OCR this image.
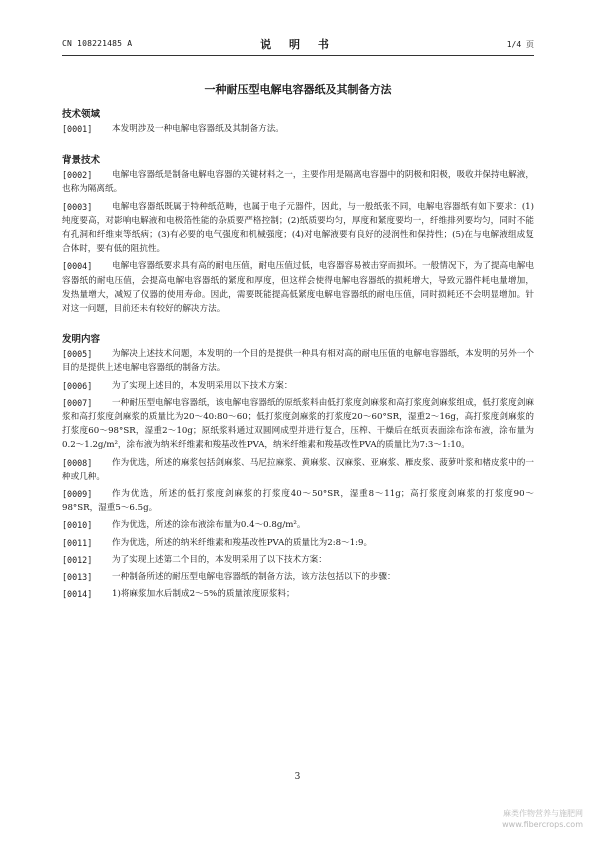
CN 108221485 A	说 明 书	1/4 页
一种耐压型电解电容器纸及其制备方法
技术领域
[0001]	本发明涉及一种电解电容器纸及其制备方法。
背景技术
[0002]	电解电容器纸是制备电解电容器的关键材料之一，主要作用是隔离电容器中的阴极和阳极，吸收并保持电解液，也称为隔离纸。
[0003]	电解电容器纸既属于特种纸范畴，也属于电子元器件，因此，与一般纸张不同，电解电容器纸有如下要求：(1)纯度要高，对影响电解液和电极箔性能的杂质要严格控制；(2)纸质要均匀，厚度和紧度要均一，纤维排列要均匀，同时不能有孔洞和纤维束等纸病；(3)有必要的电气强度和机械强度；(4)对电解液要有良好的浸润性和保持性；(5)在与电解液组成复合体时，要有低的阻抗性。
[0004]	电解电容器纸要求具有高的耐电压值，耐电压值过低，电容器容易被击穿而损坏。一般情况下，为了提高电解电容器纸的耐电压值，会提高电解电容器纸的紧度和厚度，但这样会使得电解电容器纸的损耗增大，导致元器件耗电量增加，发热量增大，减短了仪器的使用寿命。因此，需要既能提高低紧度电解电容器纸的耐电压值，同时损耗还不会明显增加。针对这一问题，目前还未有较好的解决方法。
发明内容
[0005]	为解决上述技术问题，本发明的一个目的是提供一种具有相对高的耐电压值的电解电容器纸，本发明的另外一个目的是提供上述电解电容器纸的制备方法。
[0006]	为了实现上述目的，本发明采用以下技术方案：
[0007]	一种耐压型电解电容器纸，该电解电容器纸的原纸浆料由低打浆度剑麻浆和高打浆度剑麻浆组成，低打浆度剑麻浆和高打浆度剑麻浆的质量比为20～40:80～60；低打浆度剑麻浆的打浆度20～60°SR，湿重2～16g，高打浆度剑麻浆的打浆度60～98°SR，湿重2～10g；原纸浆料通过双圆网成型并进行复合，压榨、干燥后在纸页表面涂布涂布液，涂布量为0.2～1.2g/m²，涂布液为纳米纤维素和羧基改性PVA，纳米纤维素和羧基改性PVA的质量比为7:3～1:10。
[0008]	作为优选，所述的麻浆包括剑麻浆、马尼拉麻浆、黄麻浆、汉麻浆、亚麻浆、雁皮浆、菠萝叶浆和楮皮浆中的一种或几种。
[0009]	作为优选，所述的低打浆度剑麻浆的打浆度40～50°SR，湿重8～11g；高打浆度剑麻浆的打浆度90～98°SR，湿重5～6.5g。
[0010]	作为优选，所述的涂布液涂布量为0.4～0.8g/m²。
[0011]	作为优选，所述的纳米纤维素和羧基改性PVA的质量比为2:8～1:9。
[0012]	为了实现上述第二个目的，本发明采用了以下技术方案：
[0013]	一种制备所述的耐压型电解电容器纸的制备方法，该方法包括以下的步骤：
[0014]	1)将麻浆加水后制成2～5%的质量浓度原浆料；
3
麻类作物营养与施肥网
www.fibercrops.com
